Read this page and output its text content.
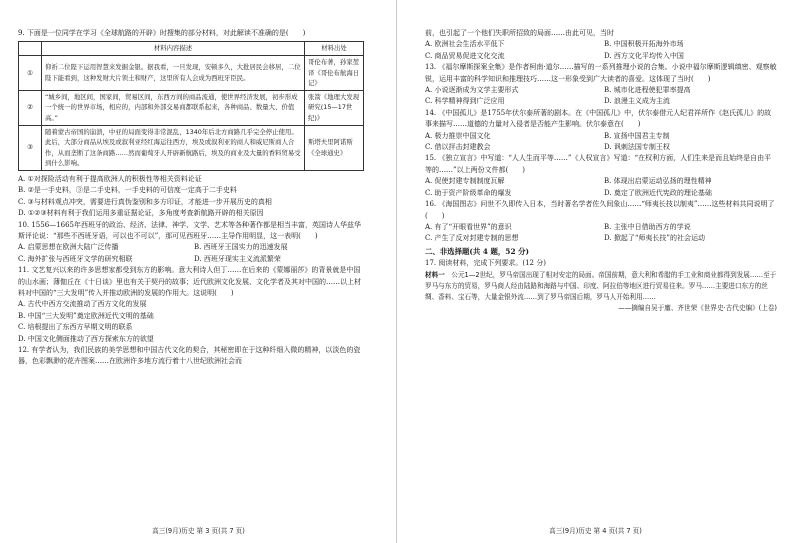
9. 下面是一位同学在学习《全球航路的开辟》时搜集的部分材料，对此解读不准确的是(　　)

	材料内容描述	材料出处
①	仰祈二位陛下运用智慧来发掘金银。据我看，一旦发现，安顿多久，大批居民会移居，二位陛下能看到，这种发财大片领土和财产，这里所有人会成为西班牙臣民。	哥伦布著，孙家堃译《哥伦布航海日记》
②	“城乡间，地区间，国家间，贸易区间，东西方间的商品流通，使世界经济发展，初步形成一个统一的世界市场，相应的，内部和外部交易商都联系起来，各种商品、数量大、价值高。”	张箭《地理大发现研究(15—17世纪)》
③	随着蒙古帝国的崩溃，中亚的局面变得非常混乱，1340年后北方商路几乎完全停止使用。此后，大部分商品从埃及或叙利亚经红海运往西方，埃及或叙利亚的商人和威尼斯商人合作，从而垄断了这条商路……然而葡萄牙人开辟新航路后，埃及的商业及大量的香料贸易受到什么影响。	斯塔夫里阿诺斯《全球通史》

A. ①对探险活动有利于提高欧洲人的积极性等相关资料论证

B. ②是一手史料，③是二手史料，一手史料的可信度一定高于二手史料

C. ③与材料观点冲突，需要进行真伪鉴别和多方印证，才能进一步开展历史的真相

D. ①②③材料有利于我们运用多重证据论证，多角度考查新航路开辟的相关原因

10. 1556—1665年西班牙的政治、经济、法律、神学、文学、艺术等各种著作都是相当丰富，英国诗人华兹华斯评论说：“那些不西班牙语，可以也不可以”，那可见西班牙……主导作用明显，这一表明(　　)

A. 启蒙思想在欧洲大陆广泛传播	B. 西班牙王国实力的迅速发展
C. 海外扩张与西班牙文学的研究相联	D. 西班牙现实主义流派繁荣

11. 文艺复兴以来的许多思想家都受到东方的影响。意大利诗人但丁……在后来的《蒙娜丽莎》的背景就是中国的山水画；薄伽丘在《十日谈》里也有关于契丹的故事；近代欧洲文化发展、文化学者及其对中国的……以上材料对中国的“三大发明”传入并推动欧洲的发展的作用大。这说明(　　)

A. 古代中西方交流推动了西方文化的发展

B. 中国“三大发明”奠定欧洲近代文明的基础

C. 培根提出了东西方早期文明的联系

D. 中国文化侧面推动了西方探索东方的欲望

12. 有学者认为，我们民族的美学思想和中国古代文化的契合，其秘密即在于这种纤细入微的精神，以淡色的瓷器，色彩飘渺的花卉图案……在欧洲许多地方流行着十八世纪欧洲社会而

高三(9月)历史 第 3 页(共 7 页)

前，也引起了一个他们失职所招致的局面……由此可见，当时

A. 欧洲社会生活水平低下	B. 中国积极开拓海外市场
C. 商品贸易促进文化交流	D. 西方文化平均传入中国

13. 《福尔摩斯探案全集》是作者柯南·道尔……描写的一系列推理小说的合集。小说中福尔摩斯逻辑缜密、观察敏锐，运用丰富的科学知识和推理技巧……这一形象受到广大读者的喜爱。这体现了当时(　　)

A. 小说逐渐成为文学主要形式	B. 城市化进程使犯罪率提高
C. 科学精神得到广泛应用	D. 浪漫主义成为主流

14. 《中国孤儿》是1755年伏尔泰所著的剧本。在《中国孤儿》中，伏尔泰借元人纪君祥所作《赵氏孤儿》的故事来描写……道德的力量对入侵者是否能产生影响。伏尔泰意在(　　)

A. 极力推崇中国文化	B. 宣扬中国君主专制
C. 借以抨击封建教会	D. 讽刺法国专制王权

15. 《独立宣言》中写道：“人人生而平等……”《人权宣言》写道：“在权利方面，人们生来是而且始终是自由平等的……”以上两份文件都(　　)

A. 促使封建专制制度瓦解	B. 体现出启蒙运动弘扬的理性精神
C. 助于资产阶级革命的爆发	D. 奠定了欧洲近代宪政的理论基础

16. 《海国图志》问世不久即传入日本，当时著名学者佐久间象山……“师夷长技以制夷”……这些材料共同说明了(　　)

A. 有了“开眼看世界”的意识	B. 主张中日借助西方的学说
C. 产生了反对封建专制的思想	D. 掀起了“师夷长技”的社会运动

二、非选择题(共 4 题，52 分)

17. 阅读材料，完成下列要求。(12 分)

材料一　 公元1—2世纪，罗马帝国出现了相对安定的局面。帝国前期，意大利和希腊的手工业和商业都得到发展……至于罗马与东方的贸易，罗马商人经由陆路和海路与中国、印度、阿拉伯等地区进行贸易往来。罗马……主要进口东方的丝绸、香料、宝石等，大量金银外流……到了罗马帝国后期，罗马人开始利用……

——摘编自吴于廑、齐世荣《世界史·古代史编》(上卷)

高三(9月)历史 第 4 页(共 7 页)
